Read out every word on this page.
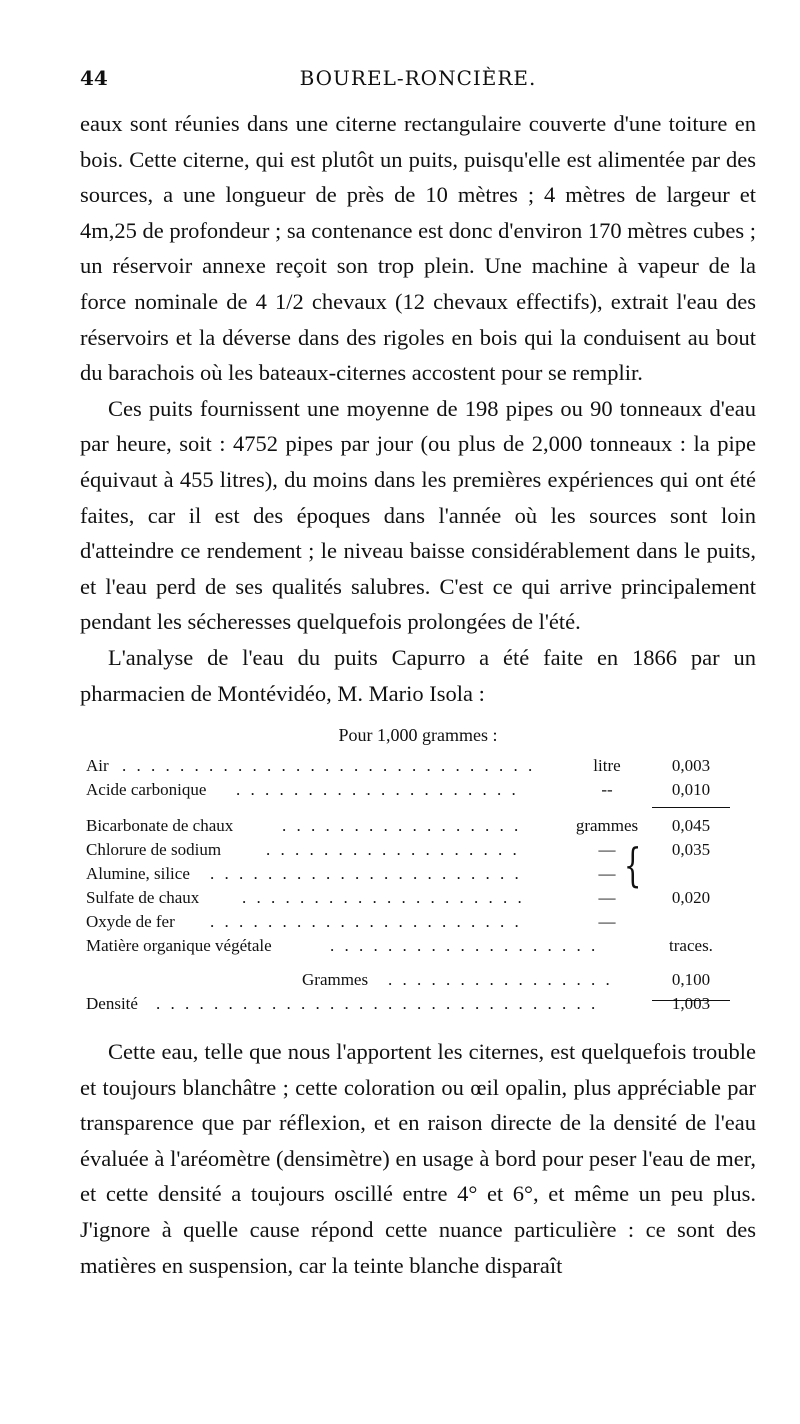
44	BOUREL-RONCIÈRE.

eaux sont réunies dans une citerne rectangulaire couverte d'une toiture en bois. Cette citerne, qui est plutôt un puits, puisqu'elle est alimentée par des sources, a une longueur de près de 10 mètres ; 4 mètres de largeur et 4m,25 de profondeur ; sa contenance est donc d'environ 170 mètres cubes ; un réservoir annexe reçoit son trop plein. Une machine à vapeur de la force nominale de 4 1/2 chevaux (12 chevaux effectifs), extrait l'eau des réservoirs et la déverse dans des rigoles en bois qui la conduisent au bout du barachois où les bateaux-citernes accostent pour se remplir.

Ces puits fournissent une moyenne de 198 pipes ou 90 tonneaux d'eau par heure, soit : 4752 pipes par jour (ou plus de 2,000 tonneaux : la pipe équivaut à 455 litres), du moins dans les premières expériences qui ont été faites, car il est des époques dans l'année où les sources sont loin d'atteindre ce rendement ; le niveau baisse considérablement dans le puits, et l'eau perd de ses qualités salubres. C'est ce qui arrive principalement pendant les sécheresses quelquefois prolongées de l'été.

L'analyse de l'eau du puits Capurro a été faite en 1866 par un pharmacien de Montévidéo, M. Mario Isola :

Pour 1,000 grammes :
Air . . . . . . . . . . . . . . . . . . . . . . . . . . . . .	litre	0,003
Acide carbonique . . . . . . . . . . . . . . . . . . . .	--	0,010
Bicarbonate de chaux	. . . . . . . . . . . . . . . . .	grammes	0,045
Chlorure de sodium	. . . . . . . . . . . . . . . . . .	—	0,035
Alumine, silice . . . . . . . . . . . . . . . . . . . . . .	—
Sulfate de chaux	. . . . . . . . . . . . . . . . . . . .	—	0,020
Oxyde de fer . . . . . . . . . . . . . . . . . . . . . .	—
{
Matière organique végétale	. . . . . . . . . . . . . . . . . . .	traces.
Grammes . . . . . . . . . . . . . . . .	0,100
Densité . . . . . . . . . . . . . . . . . . . . . . . . . . . . . . .	1,003

Cette eau, telle que nous l'apportent les citernes, est quelquefois trouble et toujours blanchâtre ; cette coloration ou œil opalin, plus appréciable par transparence que par réflexion, et en raison directe de la densité de l'eau évaluée à l'aréomètre (densimètre) en usage à bord pour peser l'eau de mer, et cette densité a toujours oscillé entre 4° et 6°, et même un peu plus. J'ignore à quelle cause répond cette nuance particulière : ce sont des matières en suspension, car la teinte blanche disparaît
